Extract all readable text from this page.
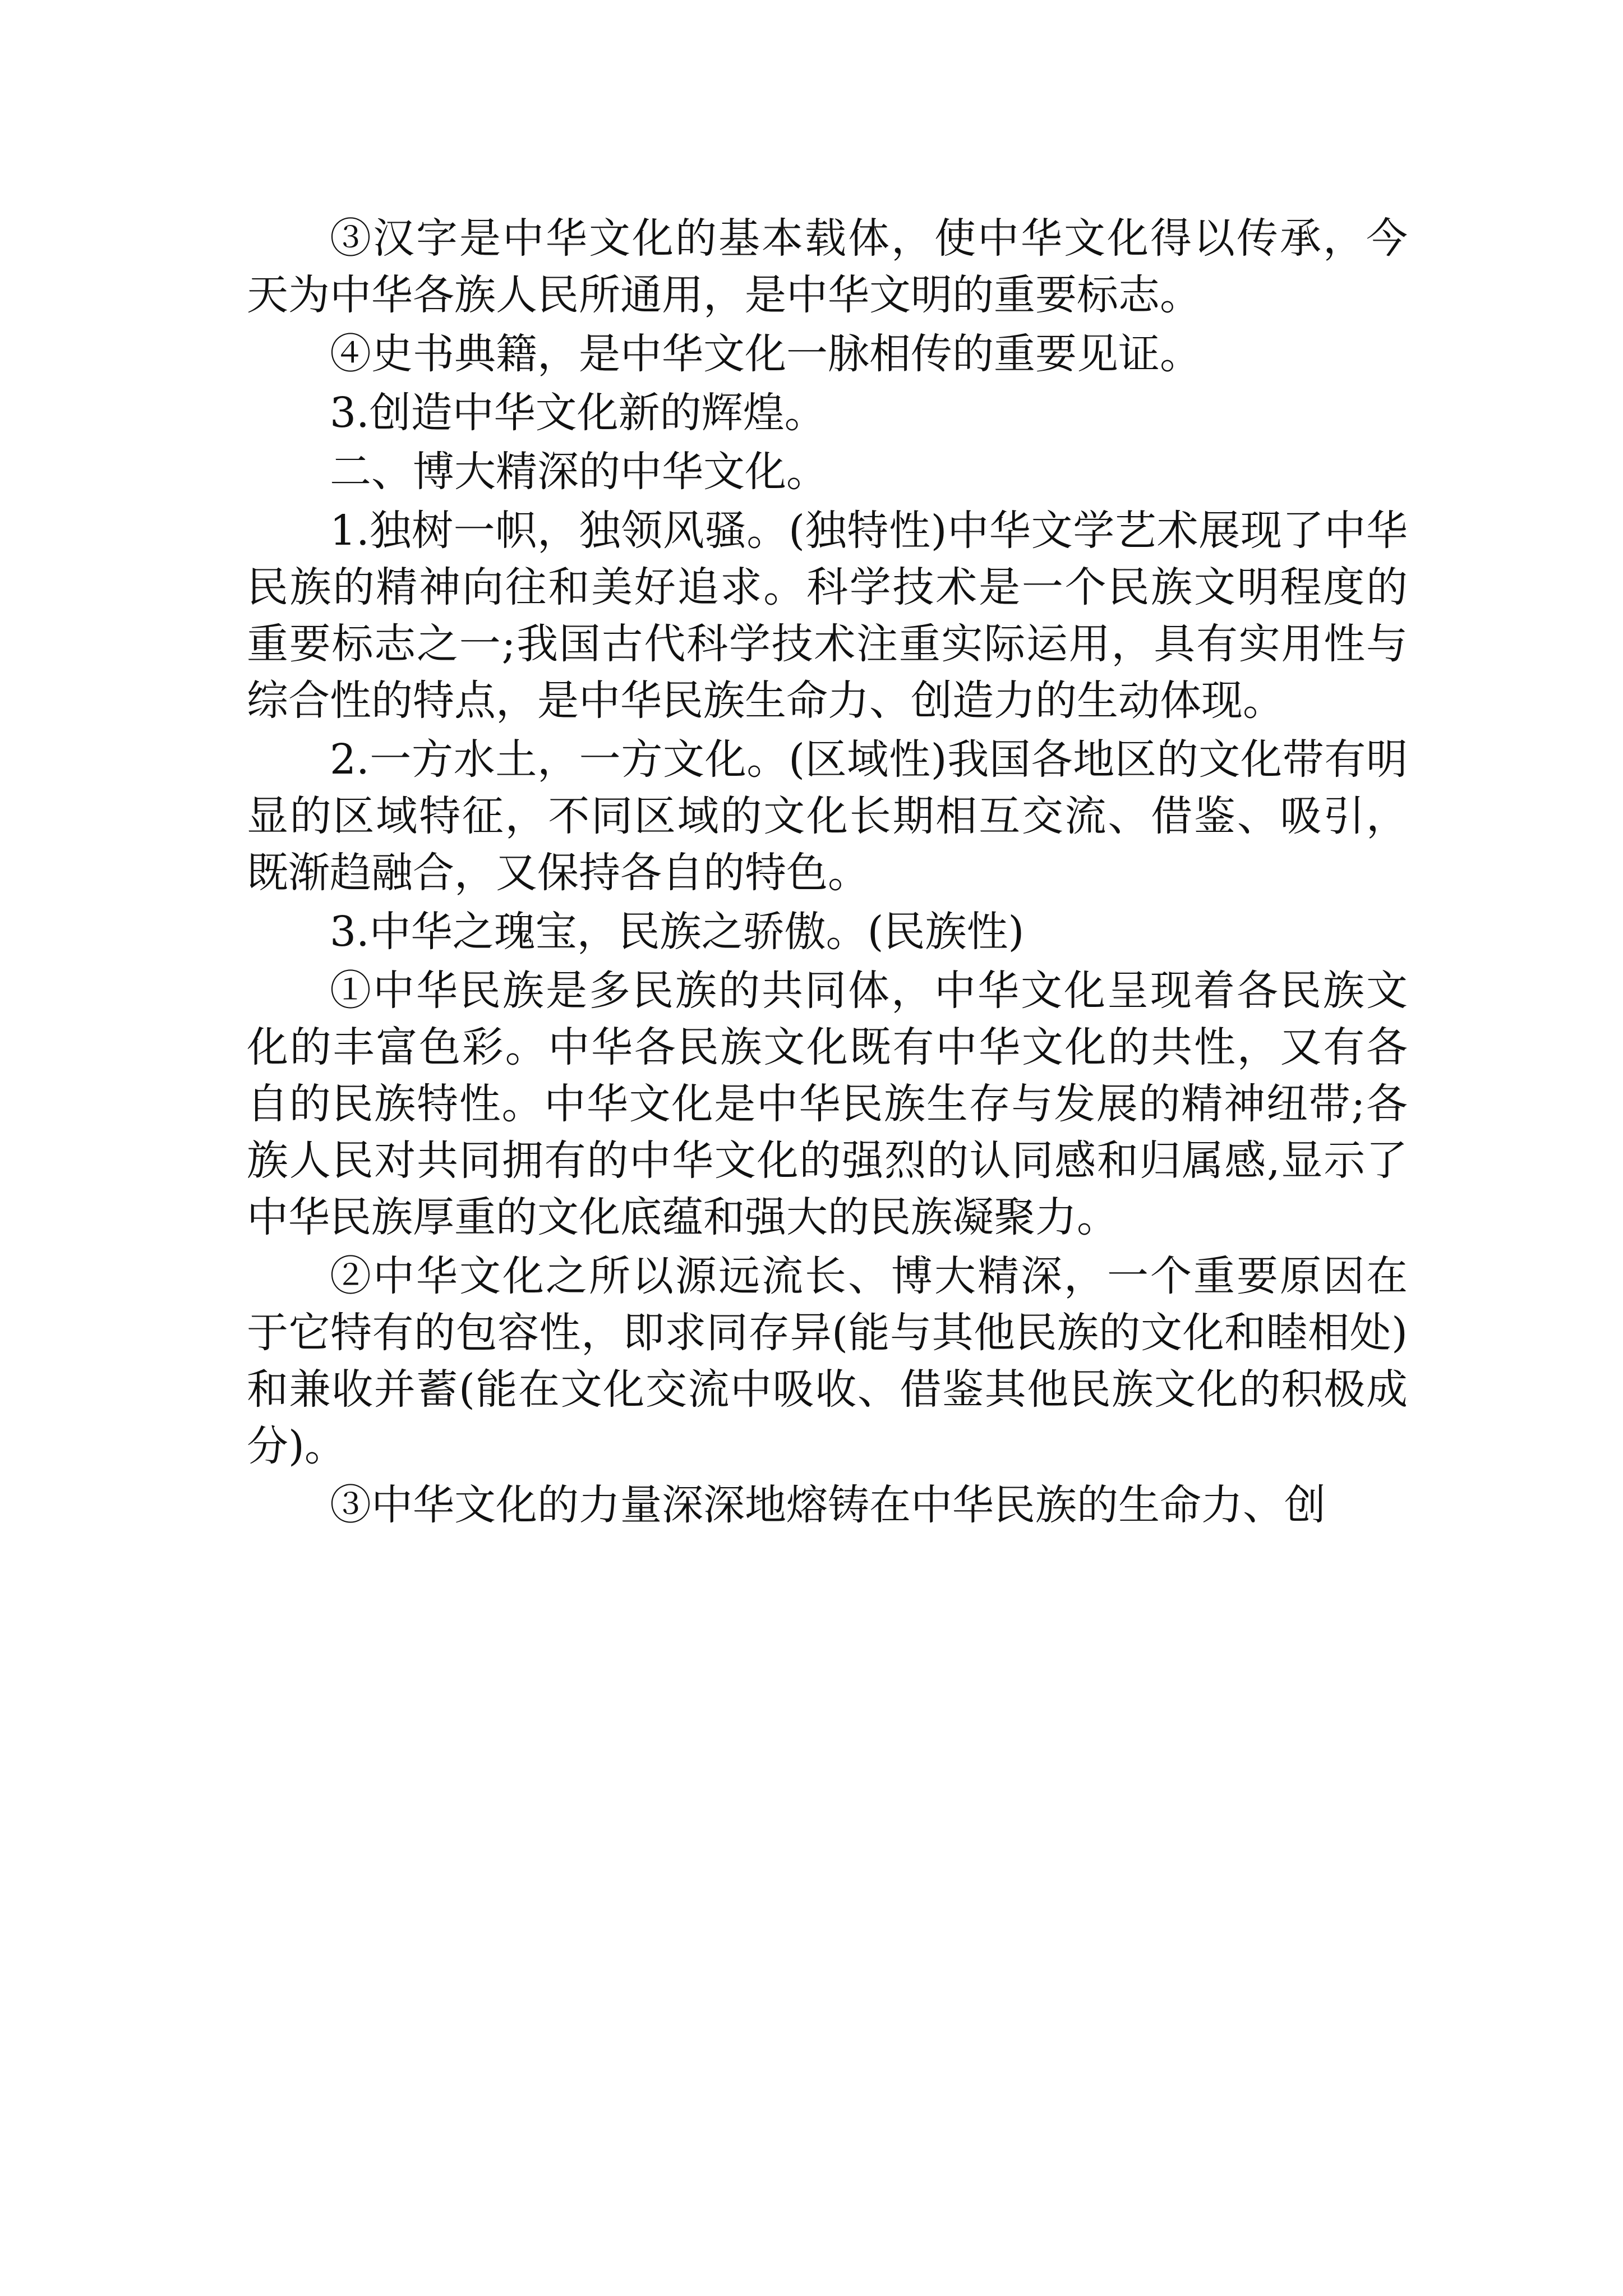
③汉字是中华文化的基本载体，使中华文化得以传承，今天为中华各族人民所通用，是中华文明的重要标志。

④史书典籍，是中华文化一脉相传的重要见证。

3.创造中华文化新的辉煌。

二、博大精深的中华文化。

1.独树一帜，独领风骚。(独特性)中华文学艺术展现了中华民族的精神向往和美好追求。科学技术是一个民族文明程度的重要标志之一;我国古代科学技术注重实际运用，具有实用性与综合性的特点，是中华民族生命力、创造力的生动体现。

2.一方水土，一方文化。(区域性)我国各地区的文化带有明显的区域特征，不同区域的文化长期相互交流、借鉴、吸引，既渐趋融合，又保持各自的特色。

3.中华之瑰宝，民族之骄傲。(民族性)

①中华民族是多民族的共同体，中华文化呈现着各民族文化的丰富色彩。中华各民族文化既有中华文化的共性，又有各自的民族特性。中华文化是中华民族生存与发展的精神纽带;各族人民对共同拥有的中华文化的强烈的认同感和归属感,显示了中华民族厚重的文化底蕴和强大的民族凝聚力。

②中华文化之所以源远流长、博大精深，一个重要原因在于它特有的包容性，即求同存异(能与其他民族的文化和睦相处)和兼收并蓄(能在文化交流中吸收、借鉴其他民族文化的积极成分)。

③中华文化的力量深深地熔铸在中华民族的生命力、创
